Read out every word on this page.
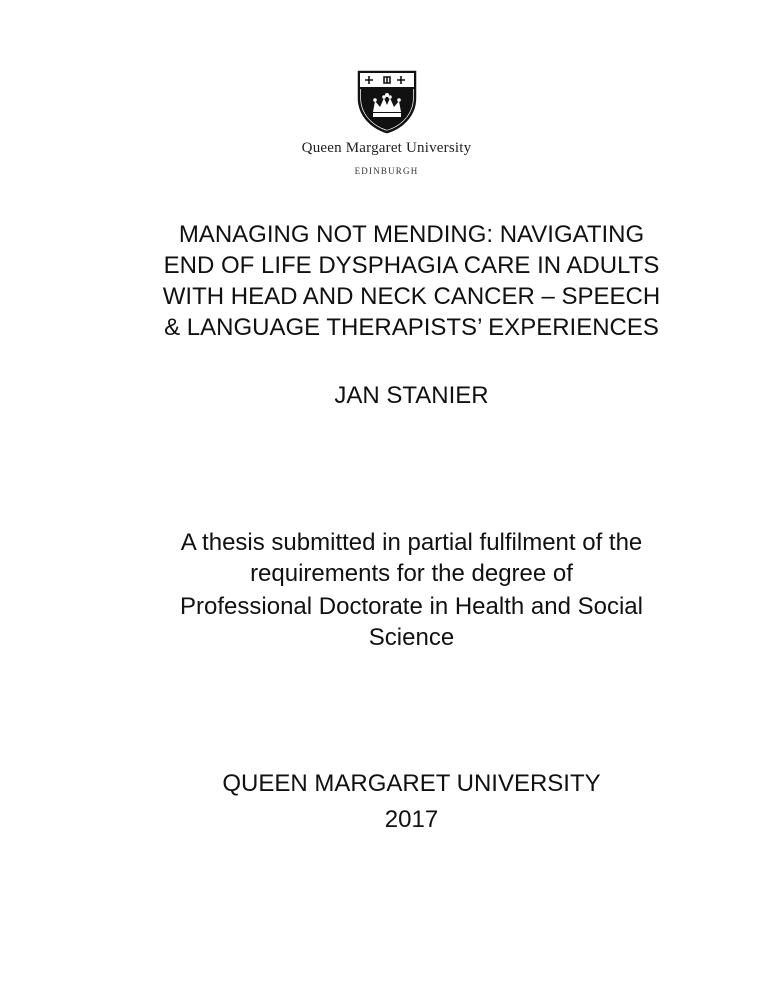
Queen Margaret University
EDINBURGH
MANAGING NOT MENDING: NAVIGATING
END OF LIFE DYSPHAGIA CARE IN ADULTS
WITH HEAD AND NECK CANCER – SPEECH
& LANGUAGE THERAPISTS’ EXPERIENCES
JAN STANIER
A thesis submitted in partial fulfilment of the
requirements for the degree of
Professional Doctorate in Health and Social
Science
QUEEN MARGARET UNIVERSITY
2017
